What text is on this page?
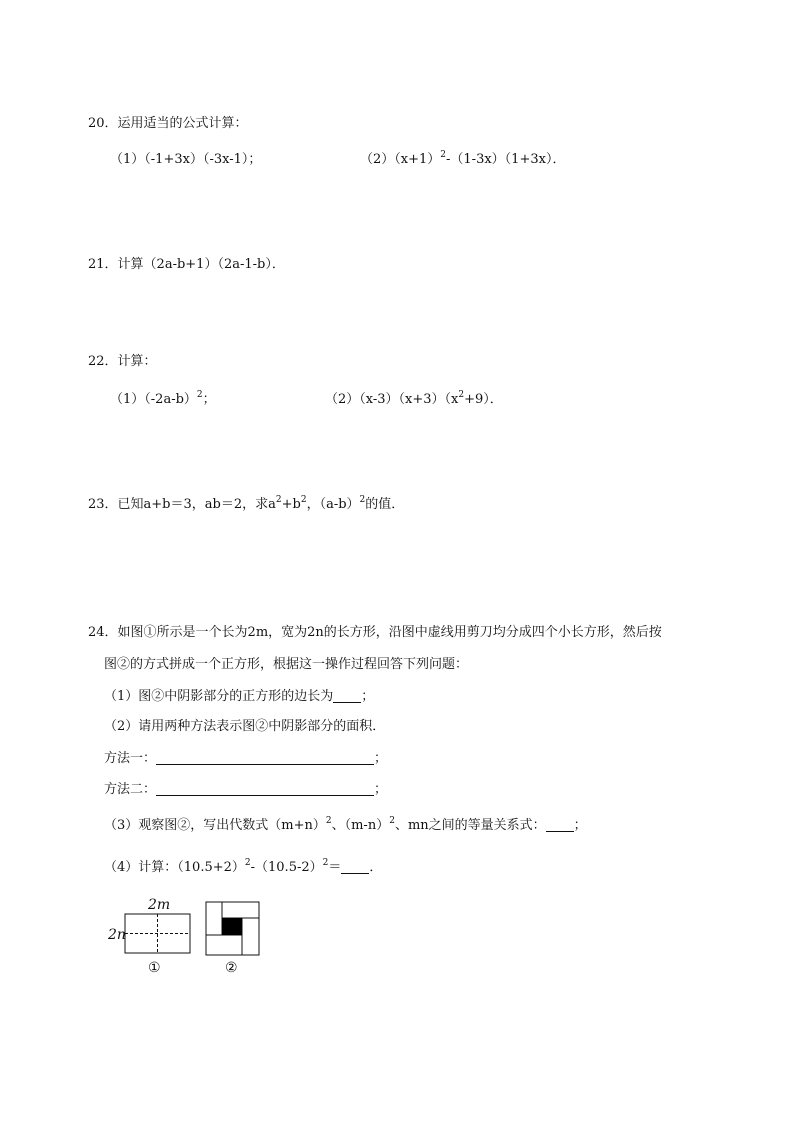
20．运用适当的公式计算：
（1）（-1+3x）（-3x-1）；	$(2)(x+1)^2-(1-3x)(1+3x)$．
21．计算（2a-b+1）（2a-1-b）．
22．计算：
$(1)(-2a-b)^2$；	$(2)(x-3)(x+3)(x^2+9)$．
23．已知a+b＝3，ab＝2，求$a^2+b^2$，$(a-b)^2$的值．
24．如图①所示是一个长为2m，宽为2n的长方形，沿图中虚线用剪刀均分成四个小长方形，然后按
图②的方式拼成一个正方形，根据这一操作过程回答下列问题：
（1）图②中阴影部分的正方形的边长为 ；
（2）请用两种方法表示图②中阴影部分的面积．
方法一：	；
方法二：	；
（3）观察图②，写出代数式$(m+n)^2$、$(m-n)^2$、mn之间的等量关系式： ；
（4）计算：$(10.5+2)^2-(10.5-2)^2=$ ．
2m
2n
①	②
